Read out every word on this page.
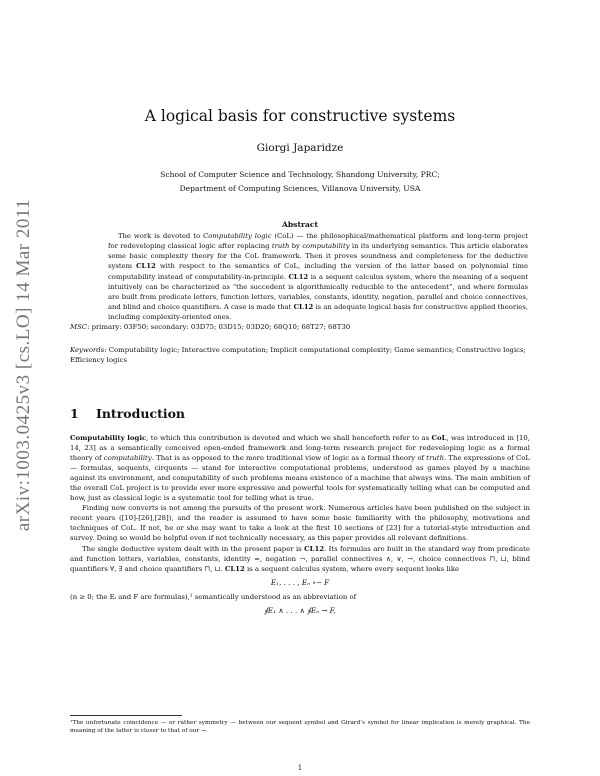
arXiv:1003.0425v3 [cs.LO] 14 Mar 2011
A logical basis for constructive systems
Giorgi Japaridze
School of Computer Science and Technology, Shandong University, PRC;
Department of Computing Sciences, Villanova University, USA
Abstract
The work is devoted to Computability logic (CoL) — the philosophical/mathematical platform and long-term project for redeveloping classical logic after replacing truth by computability in its underlying semantics. This article elaborates some basic complexity theory for the CoL framework. Then it proves soundness and completeness for the deductive system CL12 with respect to the semantics of CoL, including the version of the latter based on polynomial time computability instead of computability-in-principle. CL12 is a sequent calculus system, where the meaning of a sequent intuitively can be characterized as “the succedent is algorithmically reducible to the antecedent”, and where formulas are built from predicate letters, function letters, variables, constants, identity, negation, parallel and choice connectives, and blind and choice quantifiers. A case is made that CL12 is an adequate logical basis for constructive applied theories, including complexity-oriented ones.
MSC: primary: 03F50; secondary: 03D75; 03D15; 03D20; 68Q10; 68T27; 68T30
Keywords: Computability logic; Interactive computation; Implicit computational complexity; Game semantics; Constructive logics; Efficiency logics
1 Introduction

Computability logic, to which this contribution is devoted and which we shall henceforth refer to as CoL, was introduced in [10, 14, 23] as a semantically conceived open-ended framework and long-term research project for redeveloping logic as a formal theory of computability. That is as opposed to the more traditional view of logic as a formal theory of truth. The expressions of CoL — formulas, sequents, cirquents — stand for interactive computational problems, understood as games played by a machine against its environment, and computability of such problems means existence of a machine that always wins. The main ambition of the overall CoL project is to provide ever more expressive and powerful tools for systematically telling what can be computed and how, just as classical logic is a systematic tool for telling what is true.

Finding new converts is not among the pursuits of the present work. Numerous articles have been published on the subject in recent years ([10]-[26],[28]), and the reader is assumed to have some basic familiarity with the philosophy, motivations and techniques of CoL. If not, he or she may want to take a look at the first 10 sections of [23] for a tutorial-style introduction and survey. Doing so would be helpful even if not technically necessary, as this paper provides all relevant definitions.

The single deductive system dealt with in the present paper is CL12. Its formulas are built in the standard way from predicate and function letters, variables, constants, identity =, negation ¬, parallel connectives ∧, ∨, →, choice connectives ⊓, ⊔, blind quantifiers ∀, ∃ and choice quantifiers ⊓, ⊔. CL12 is a sequent calculus system, where every sequent looks like

E₁, . . . , Eₙ ∘− F

(n ≥ 0; the Eᵢ and F are formulas),¹ semantically understood as an abbreviation of

∮E₁ ∧ . . . ∧ ∮Eₙ → F,
¹The unfortunate coincidence — or rather symmetry — between our sequent symbol and Girard’s symbol for linear implication is merely graphical. The meaning of the latter is closer to that of our →.
1
